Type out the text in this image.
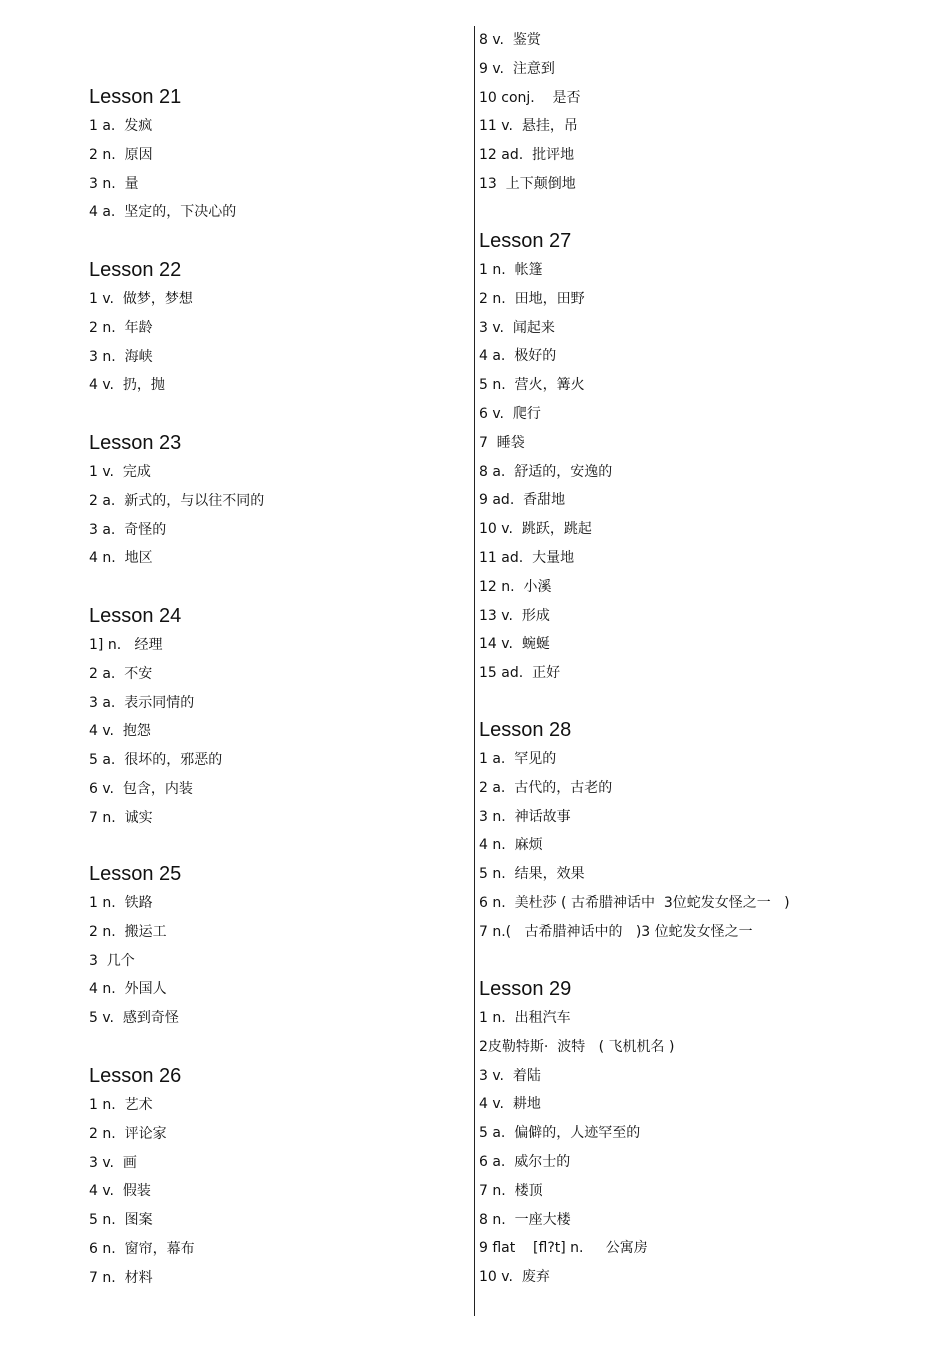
Lesson 21
1 a.  发疯
2 n.  原因
3 n.  量
4 a.  坚定的，下决心的
Lesson 22
1 v.  做梦，梦想
2 n.  年龄
3 n.  海峡
4 v.  扔，抛
Lesson 23
1 v.  完成
2 a.  新式的，与以往不同的
3 a.  奇怪的
4 n.  地区
Lesson 24
1] n.   经理
2 a.  不安
3 a.  表示同情的
4 v.  抱怨
5 a.  很坏的，邪恶的
6 v.  包含，内装
7 n.  诚实
Lesson 25
1 n.  铁路
2 n.  搬运工
3  几个
4 n.  外国人
5 v.  感到奇怪
Lesson 26
1 n.  艺术
2 n.  评论家
3 v.  画
4 v.  假装
5 n.  图案
6 n.  窗帘，幕布
7 n.  材料
8 v.  鉴赏
9 v.  注意到
10 conj.    是否
11 v.  悬挂，吊
12 ad.  批评地
13  上下颠倒地
Lesson 27
1 n.  帐篷
2 n.  田地，田野
3 v.  闻起来
4 a.  极好的
5 n.  营火，篝火
6 v.  爬行
7  睡袋
8 a.  舒适的，安逸的
9 ad.  香甜地
10 v.  跳跃，跳起
11 ad.  大量地
12 n.  小溪
13 v.  形成
14 v.  蜿蜒
15 ad.  正好
Lesson 28
1 a.  罕见的
2 a.  古代的，古老的
3 n.  神话故事
4 n.  麻烦
5 n.  结果，效果
6 n.  美杜莎 ( 古希腊神话中  3位蛇发女怪之一   )
7 n.(   古希腊神话中的   )3 位蛇发女怪之一
Lesson 29
1 n.  出租汽车
2皮勒特斯·  波特   ( 飞机机名 )
3 v.  着陆
4 v.  耕地
5 a.  偏僻的，人迹罕至的
6 a.  威尔士的
7 n.  楼顶
8 n.  一座大楼
9 flat    [fl?t] n.     公寓房
10 v.  废弃
